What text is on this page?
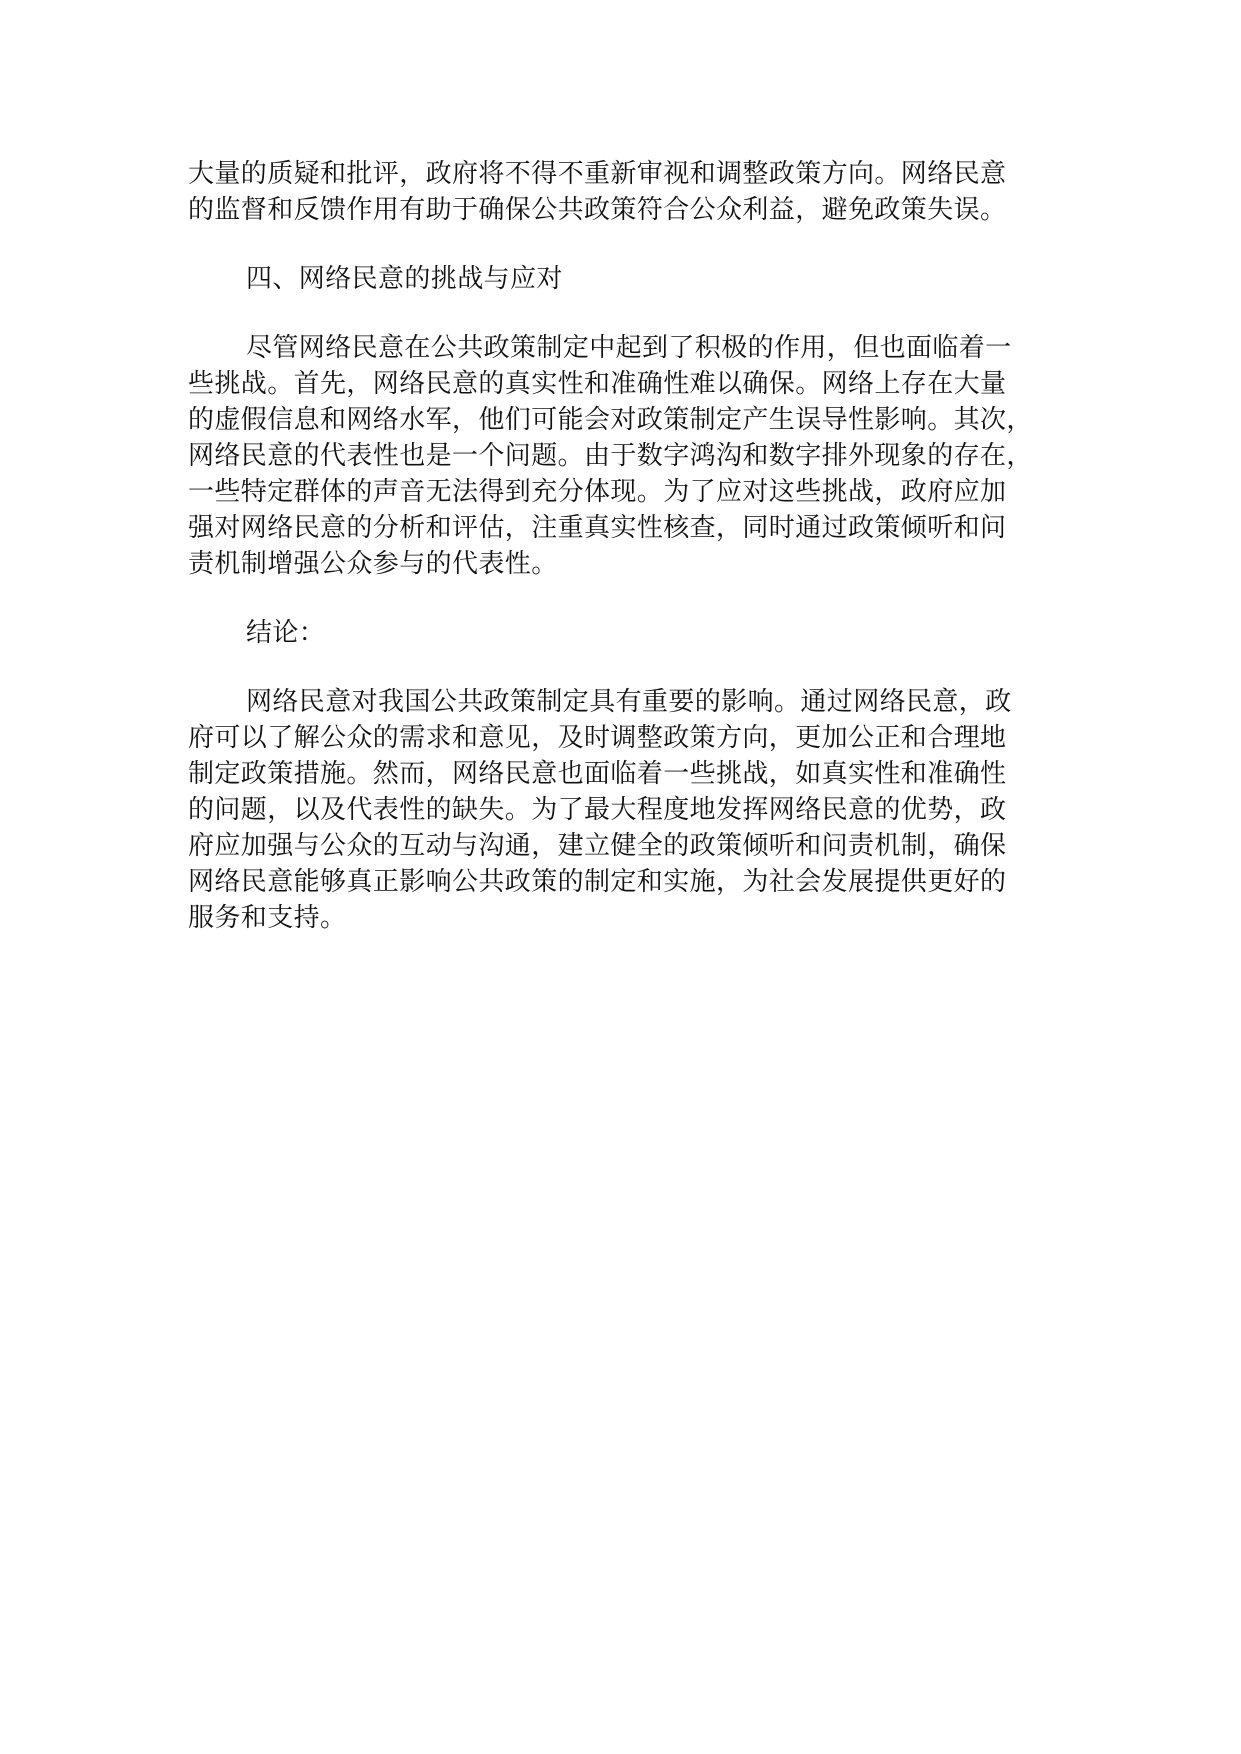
大量的质疑和批评，政府将不得不重新审视和调整政策方向。网络民意
的监督和反馈作用有助于确保公共政策符合公众利益，避免政策失误。
四、网络民意的挑战与应对
尽管网络民意在公共政策制定中起到了积极的作用，但也面临着一
些挑战。首先，网络民意的真实性和准确性难以确保。网络上存在大量
的虚假信息和网络水军，他们可能会对政策制定产生误导性影响。其次，
网络民意的代表性也是一个问题。由于数字鸿沟和数字排外现象的存在，
一些特定群体的声音无法得到充分体现。为了应对这些挑战，政府应加
强对网络民意的分析和评估，注重真实性核查，同时通过政策倾听和问
责机制增强公众参与的代表性。
结论：
网络民意对我国公共政策制定具有重要的影响。通过网络民意，政
府可以了解公众的需求和意见，及时调整政策方向，更加公正和合理地
制定政策措施。然而，网络民意也面临着一些挑战，如真实性和准确性
的问题，以及代表性的缺失。为了最大程度地发挥网络民意的优势，政
府应加强与公众的互动与沟通，建立健全的政策倾听和问责机制，确保
网络民意能够真正影响公共政策的制定和实施，为社会发展提供更好的
服务和支持。
